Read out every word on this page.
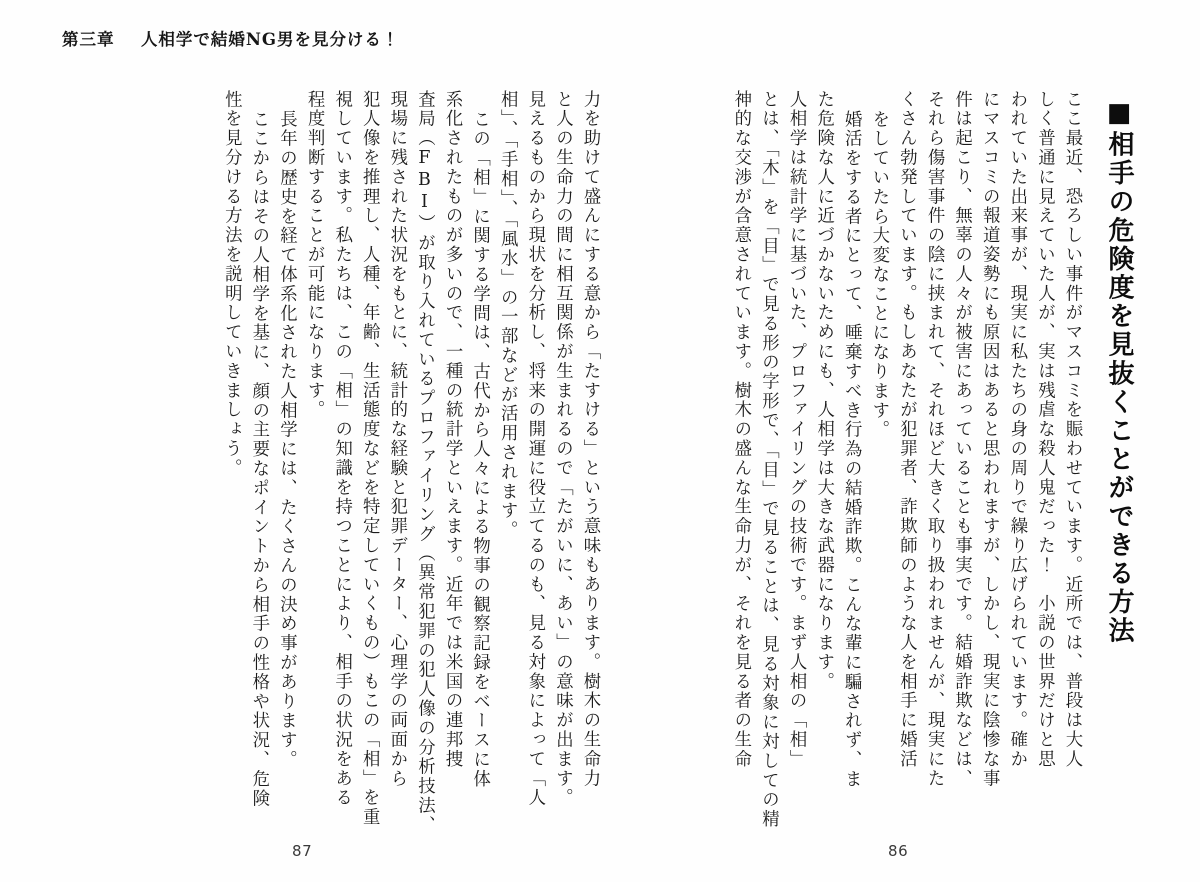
第三章 人相学で結婚NG男を見分ける！
■相手の危険度を見抜くことができる方法
ここ最近、恐ろしい事件がマスコミを賑わせています。近所では、普段は大人
しく普通に見えていた人が、実は残虐な殺人鬼だった！　小説の世界だけと思
われていた出来事が、現実に私たちの身の周りで繰り広げられています。確か
にマスコミの報道姿勢にも原因はあると思われますが、しかし、現実に陰惨な事
件は起こり、無辜の人々が被害にあっていることも事実です。結婚詐欺などは、
それら傷害事件の陰に挟まれて、それほど大きく取り扱われませんが、現実にた
くさん勃発しています。もしあなたが犯罪者、詐欺師のような人を相手に婚活
をしていたら大変なことになります。
婚活をする者にとって、唾棄すべき行為の結婚詐欺。こんな輩に騙されず、ま
た危険な人に近づかないためにも、人相学は大きな武器になります。
人相学は統計学に基づいた、プロファイリングの技術です。まず人相の「相」
とは、「木」を「目」で見る形の字形で、「目」で見ることは、見る対象に対しての精
神的な交渉が含意されています。樹木の盛んな生命力が、それを見る者の生命
86
力を助けて盛んにする意から「たすける」という意味もあります。樹木の生命力
と人の生命力の間に相互関係が生まれるので「たがいに、あい」の意味が出ます。
見えるものから現状を分析し、将来の開運に役立てるのも、見る対象によって「人
相」、「手相」、「風水」の一部などが活用されます。
この「相」に関する学問は、古代から人々による物事の観察記録をベースに体
系化されたものが多いので、一種の統計学といえます。近年では米国の連邦捜
査局（FBI）が取り入れているプロファイリング（異常犯罪の犯人像の分析技法、
現場に残された状況をもとに、統計的な経験と犯罪データー、心理学の両面から
犯人像を推理し、人種、年齢、生活態度などを特定していくもの）もこの「相」を重
視しています。私たちは、この「相」の知識を持つことにより、相手の状況をある
程度判断することが可能になります。
長年の歴史を経て体系化された人相学には、たくさんの決め事があります。
ここからはその人相学を基に、顔の主要なポイントから相手の性格や状況、危険
性を見分ける方法を説明していきましょう。
87
